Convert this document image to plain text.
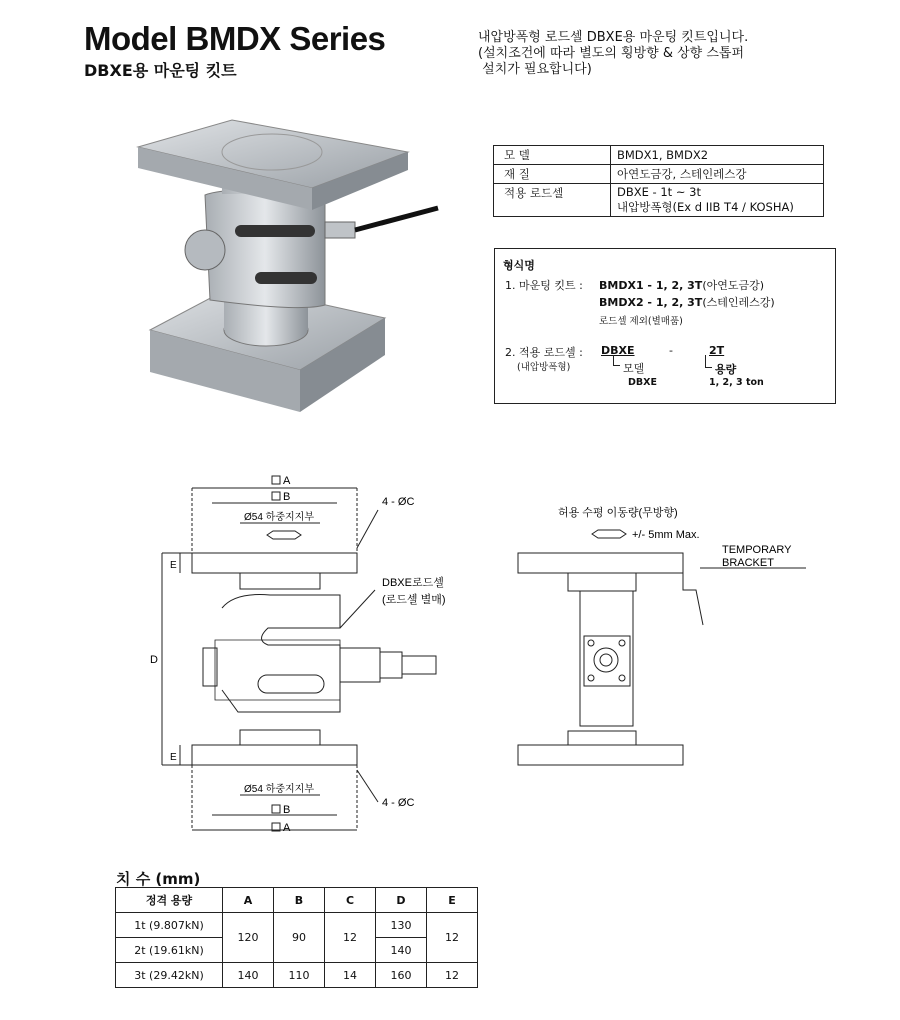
Model BMDX Series
DBXE용 마운팅 킷트
내압방폭형 로드셀 DBXE용 마운팅 킷트입니다.
(설치조건에 따라 별도의 횡방향 & 상향 스톱퍼
설치가 필요합니다)
모 델	BMDX1, BMDX2
재 질	아연도금강, 스테인레스강
적용 로드셀	DBXE - 1t ~ 3t
내압방폭형(Ex d IIB T4 / KOSHA)
형식명
1. 마운팅 킷트 : BMDX1 - 1, 2, 3T(아연도금강)
BMDX2 - 1, 2, 3T(스테인레스강)
로드셀 제외(별매품)
2. 적용 로드셀 :
(내압방폭형)
DBXE	-	2T
모델	용량
DBXE	1, 2, 3 ton
A
B
Ø54 하중지지부
4 - ØC
D
E
E
DBXE로드셀
(로드셀 별매)
Ø54 하중지지부
B
A
4 - ØC
허용 수평 이동량(무방향)
+/- 5mm Max.
TEMPORARY
BRACKET
치 수 (mm)
정격 용량	A	B	C	D	E
1t (9.807kN)	120	90	12	130	12
2t (19.61kN)				140	
3t (29.42kN)	140	110	14	160	12
